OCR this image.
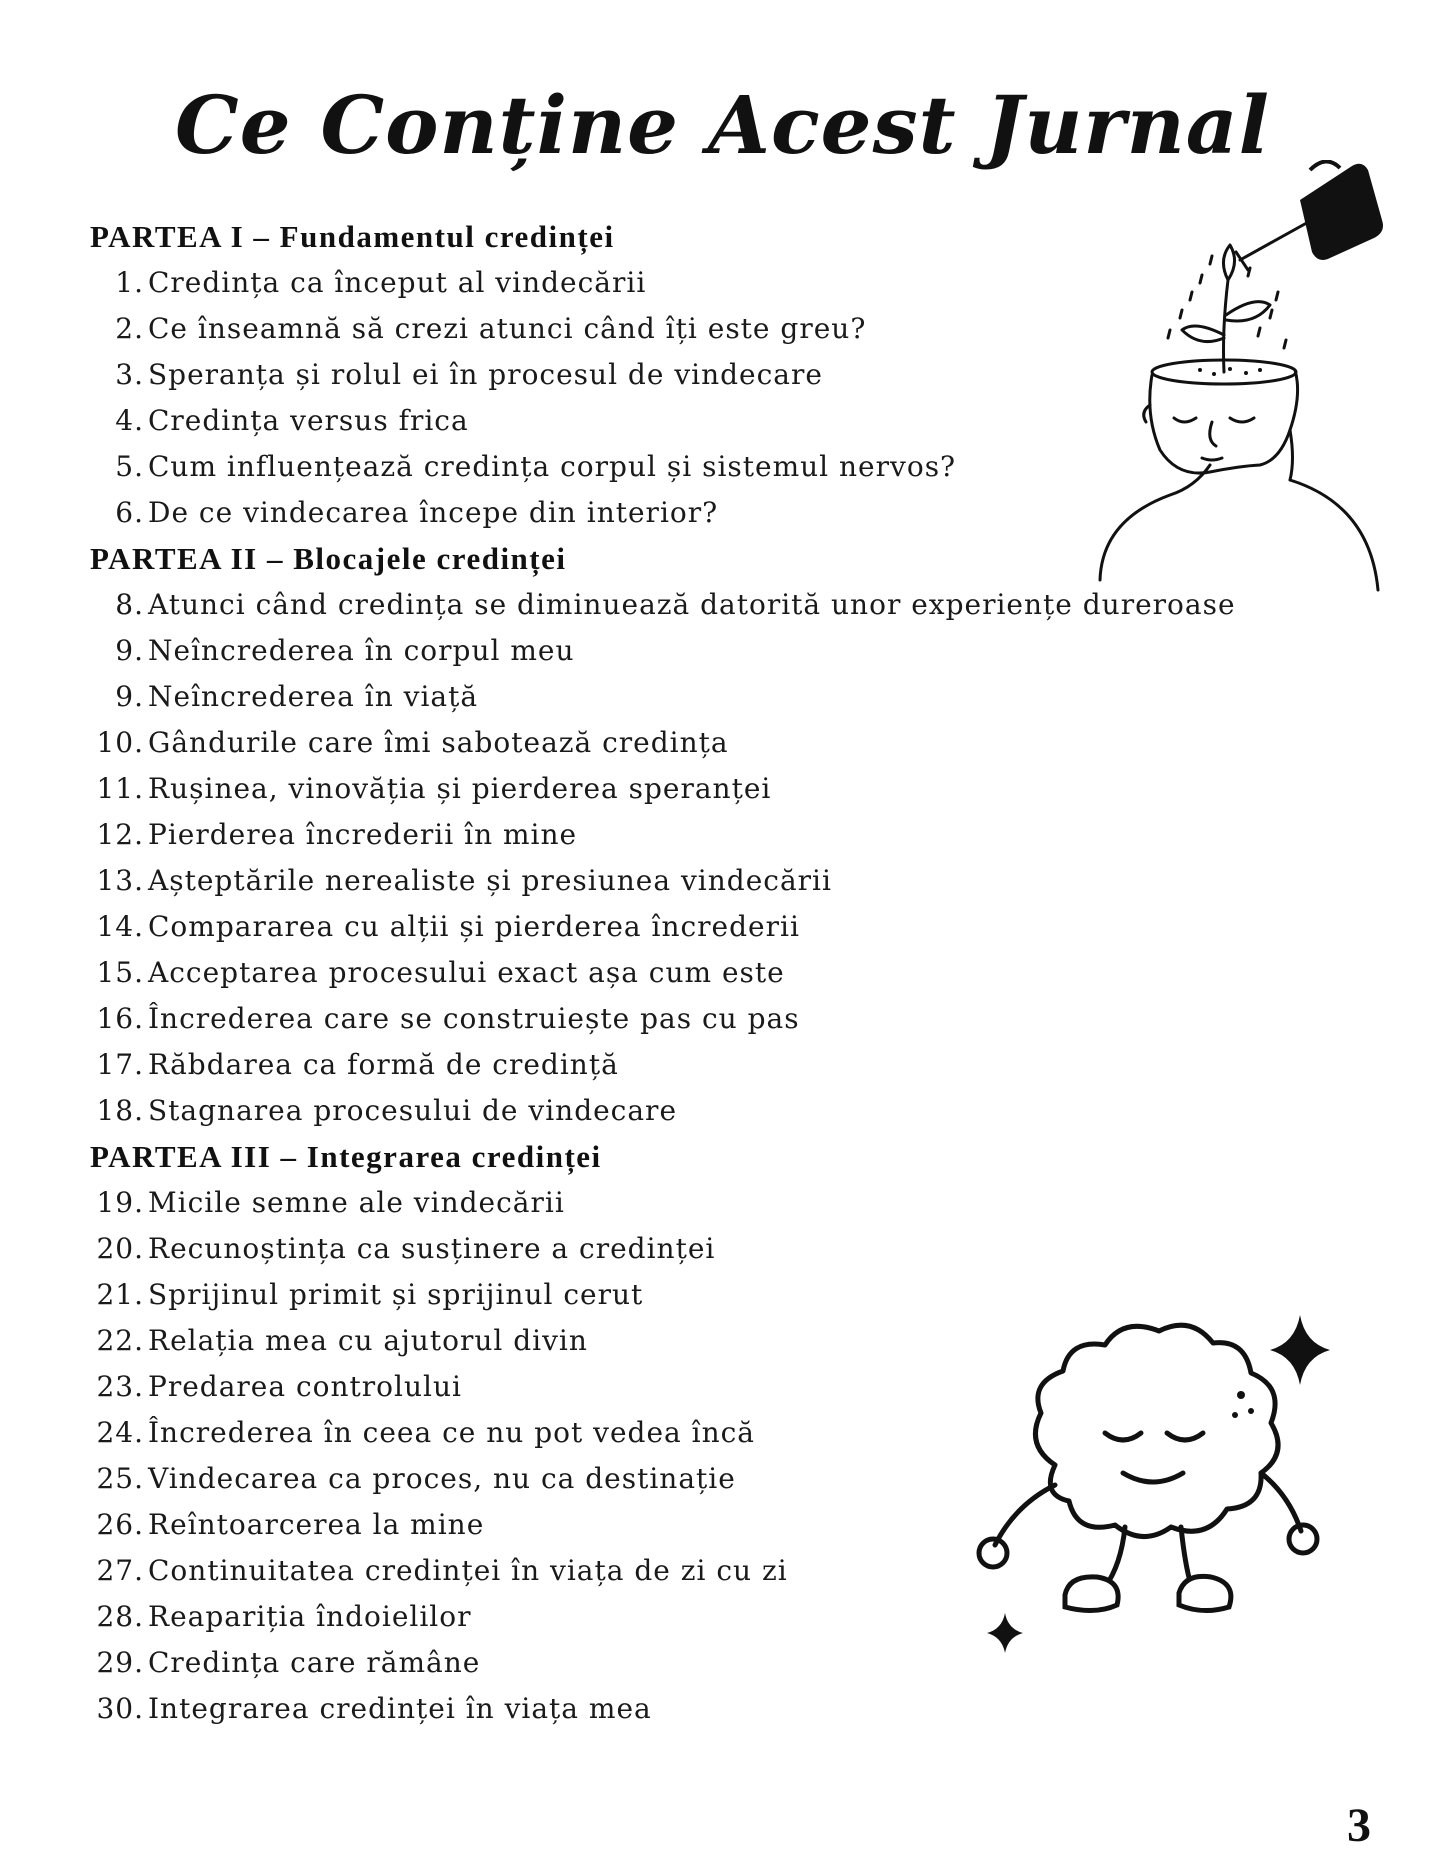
Ce Conține Acest Jurnal
PARTEA I – Fundamentul credinței
1. Credința ca început al vindecării
2. Ce înseamnă să crezi atunci când îți este greu?
3. Speranța și rolul ei în procesul de vindecare
4. Credința versus frica
5. Cum influențează credința corpul și sistemul nervos?
6. De ce vindecarea începe din interior?
PARTEA II – Blocajele credinței
8. Atunci când credința se diminuează datorită unor experiențe dureroase
9. Neîncrederea în corpul meu
9. Neîncrederea în viață
10. Gândurile care îmi sabotează credința
11. Rușinea, vinovăția și pierderea speranței
12. Pierderea încrederii în mine
13. Așteptările nerealiste și presiunea vindecării
14. Compararea cu alții și pierderea încrederii
15. Acceptarea procesului exact așa cum este
16. Încrederea care se construiește pas cu pas
17. Răbdarea ca formă de credință
18. Stagnarea procesului de vindecare
PARTEA III – Integrarea credinței
19. Micile semne ale vindecării
20. Recunoștința ca susținere a credinței
21. Sprijinul primit și sprijinul cerut
22. Relația mea cu ajutorul divin
23. Predarea controlului
24. Încrederea în ceea ce nu pot vedea încă
25. Vindecarea ca proces, nu ca destinație
26. Reîntoarcerea la mine
27. Continuitatea credinței în viața de zi cu zi
28. Reapariția îndoielilor
29. Credința care rămâne
30. Integrarea credinței în viața mea
3
